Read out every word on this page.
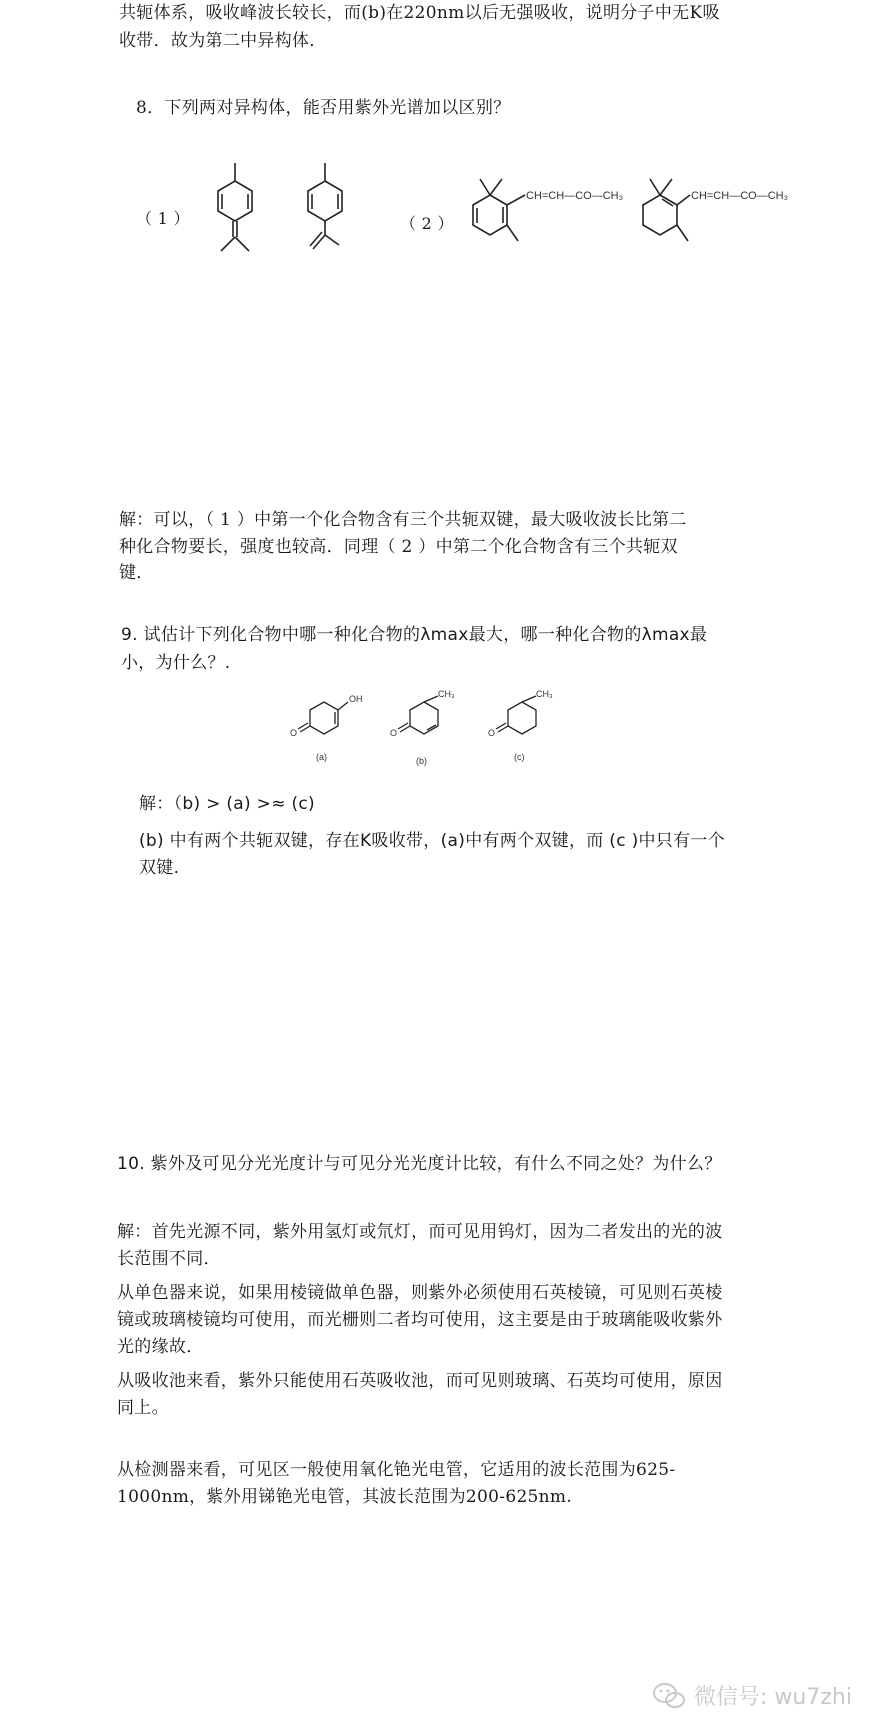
共轭体系，吸收峰波长较长，而(b)在220nm以后无强吸收，说明分子中无K吸

收带．故为第二中异构体．

8．下列两对异构体，能否用紫外光谱加以区别？

（ 1 ）	（ 2 ）

CH=CH—CO—CH₃	CH=CH—CO—CH₃

解：可以，（ 1 ）中第一个化合物含有三个共轭双键，最大吸收波长比第二

种化合物要长，强度也较高．同理（ 2 ）中第二个化合物含有三个共轭双

键．

9. 试估计下列化合物中哪一种化合物的λmax最大，哪一种化合物的λmax最

小，为什么？.

OH	CH₃	CH₃
O	O	O
(a)	(b)	(c)

解：（b) > (a) >≈ (c)

(b) 中有两个共轭双键，存在K吸收带，(a)中有两个双键，而 (c )中只有一个

双键.

10. 紫外及可见分光光度计与可见分光光度计比较，有什么不同之处？为什么？

解：首先光源不同，紫外用氢灯或氘灯，而可见用钨灯，因为二者发出的光的波

长范围不同．

从单色器来说，如果用棱镜做单色器，则紫外必须使用石英棱镜，可见则石英棱

镜或玻璃棱镜均可使用，而光栅则二者均可使用，这主要是由于玻璃能吸收紫外

光的缘故．

从吸收池来看，紫外只能使用石英吸收池，而可见则玻璃、石英均可使用，原因

同上。

从检测器来看，可见区一般使用氧化铯光电管，它适用的波长范围为625-

1000nm，紫外用锑铯光电管，其波长范围为200-625nm.

微信号: wu7zhi
